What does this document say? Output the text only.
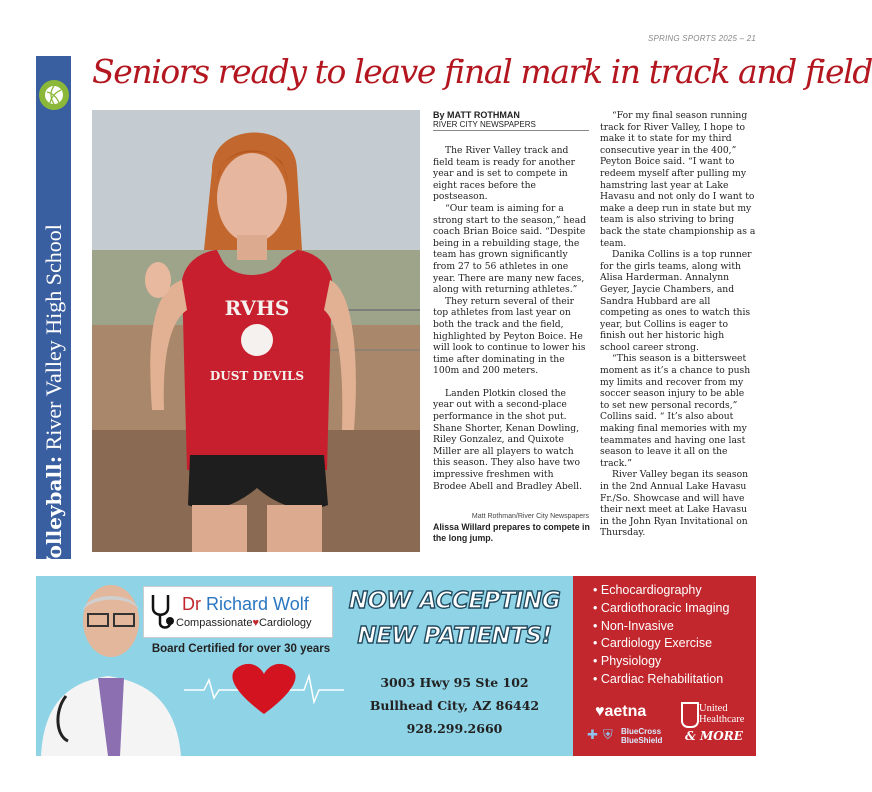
SPRING SPORTS 2025 – 21
Volleyball: River Valley High School
Seniors ready to leave final mark in track and field
RVHS
DUST DEVILS
By MATT ROTHMAN
RIVER CITY NEWSPAPERS

The River Valley track and field team is ready for another year and is set to compete in eight races before the postseason.

“Our team is aiming for a strong start to the season,” head coach Brian Boice said. “Despite being in a rebuilding stage, the team has grown significantly from 27 to 56 athletes in one year. There are many new faces, along with returning athletes.”

They return several of their top athletes from last year on both the track and the field, highlighted by Peyton Boice. He will look to continue to lower his time after dominating in the 100m and 200 meters.

Landen Plotkin closed the year out with a second-place performance in the shot put. Shane Shorter, Kenan Dowling, Riley Gonzalez, and Quixote Miller are all players to watch this season. They also have two impressive freshmen with Brodee Abell and Bradley Abell.

“For my final season running track for River Valley, I hope to make it to state for my third consecutive year in the 400,” Peyton Boice said. “I want to redeem myself after pulling my hamstring last year at Lake Havasu and not only do I want to make a deep run in state but my team is also striving to bring back the state championship as a team.

Danika Collins is a top runner for the girls teams, along with Alisa Harderman. Annalynn Geyer, Jaycie Chambers, and Sandra Hubbard are all competing as ones to watch this year, but Collins is eager to finish out her historic high school career strong.

“This season is a bittersweet moment as it’s a chance to push my limits and recover from my soccer season injury to be able to set new personal records,” Collins said. “ It’s also about making final memories with my teammates and having one last season to leave it all on the track.”

River Valley began its season in the 2nd Annual Lake Havasu Fr./So. Showcase and will have their next meet at Lake Havasu in the John Ryan Invitational on Thursday.

Matt Rothman/River City Newspapers
Alissa Willard prepares to compete in the long jump.
Dr Richard Wolf
Compassionate♥Cardiology
Board Certified for over 30 years
NOW ACCEPTING
NEW PATIENTS!
3003 Hwy 95 Ste 102
Bullhead City, AZ 86442
928.299.2660
• Echocardiography
• Cardiothoracic Imaging
• Non-Invasive
• Cardiology Exercise
• Physiology
• Cardiac Rehabilitation
♥aetna	United
Healthcare
✚ ⛨ BlueCross
BlueShield & MORE
